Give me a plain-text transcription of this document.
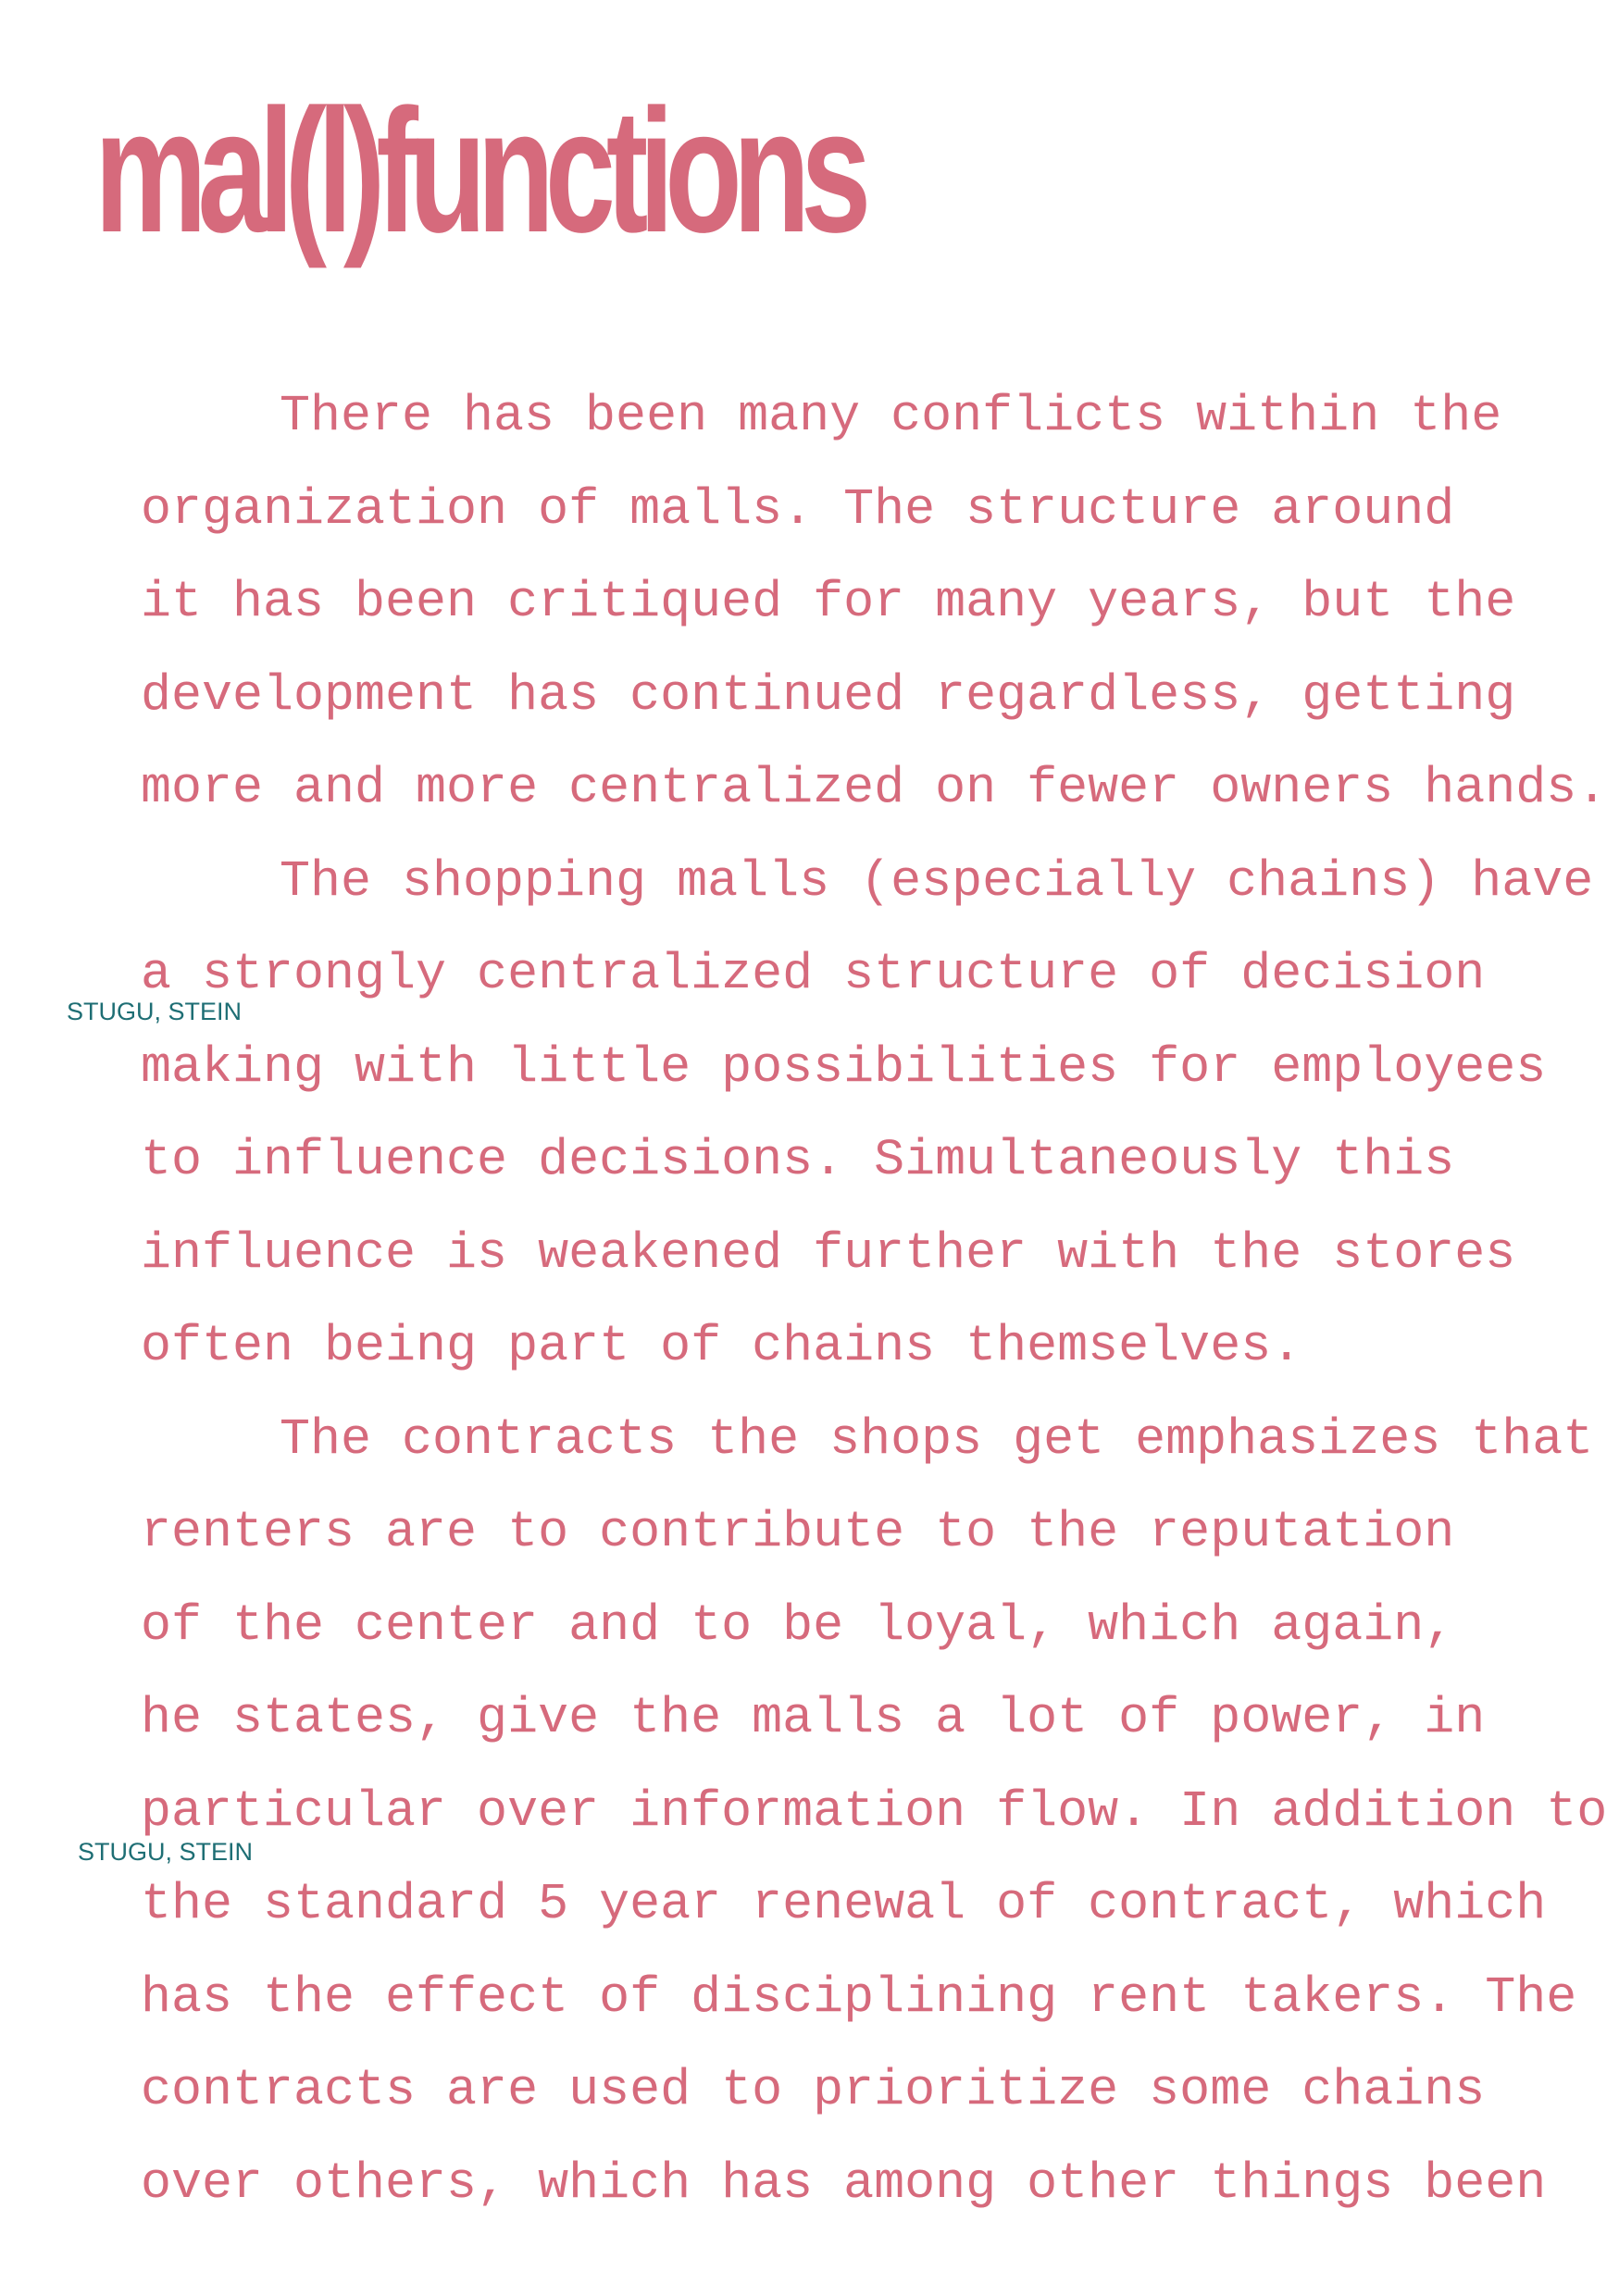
mal(l)functions
There has been many conflicts within the
organization of malls. The structure around
it has been critiqued for many years, but the
development has continued regardless, getting
more and more centralized on fewer owners hands.
The shopping malls (especially chains) have
a strongly centralized structure of decision
making with little possibilities for employees
to influence decisions. Simultaneously this
influence is weakened further with the stores
often being part of chains themselves.
The contracts the shops get emphasizes that
renters are to contribute to the reputation
of the center and to be loyal, which again,
he states, give the malls a lot of power, in
particular over information flow. In addition to
the standard 5 year renewal of contract, which
has the effect of disciplining rent takers. The
contracts are used to prioritize some chains
over others, which has among other things been
STUGU, STEIN
STUGU, STEIN
